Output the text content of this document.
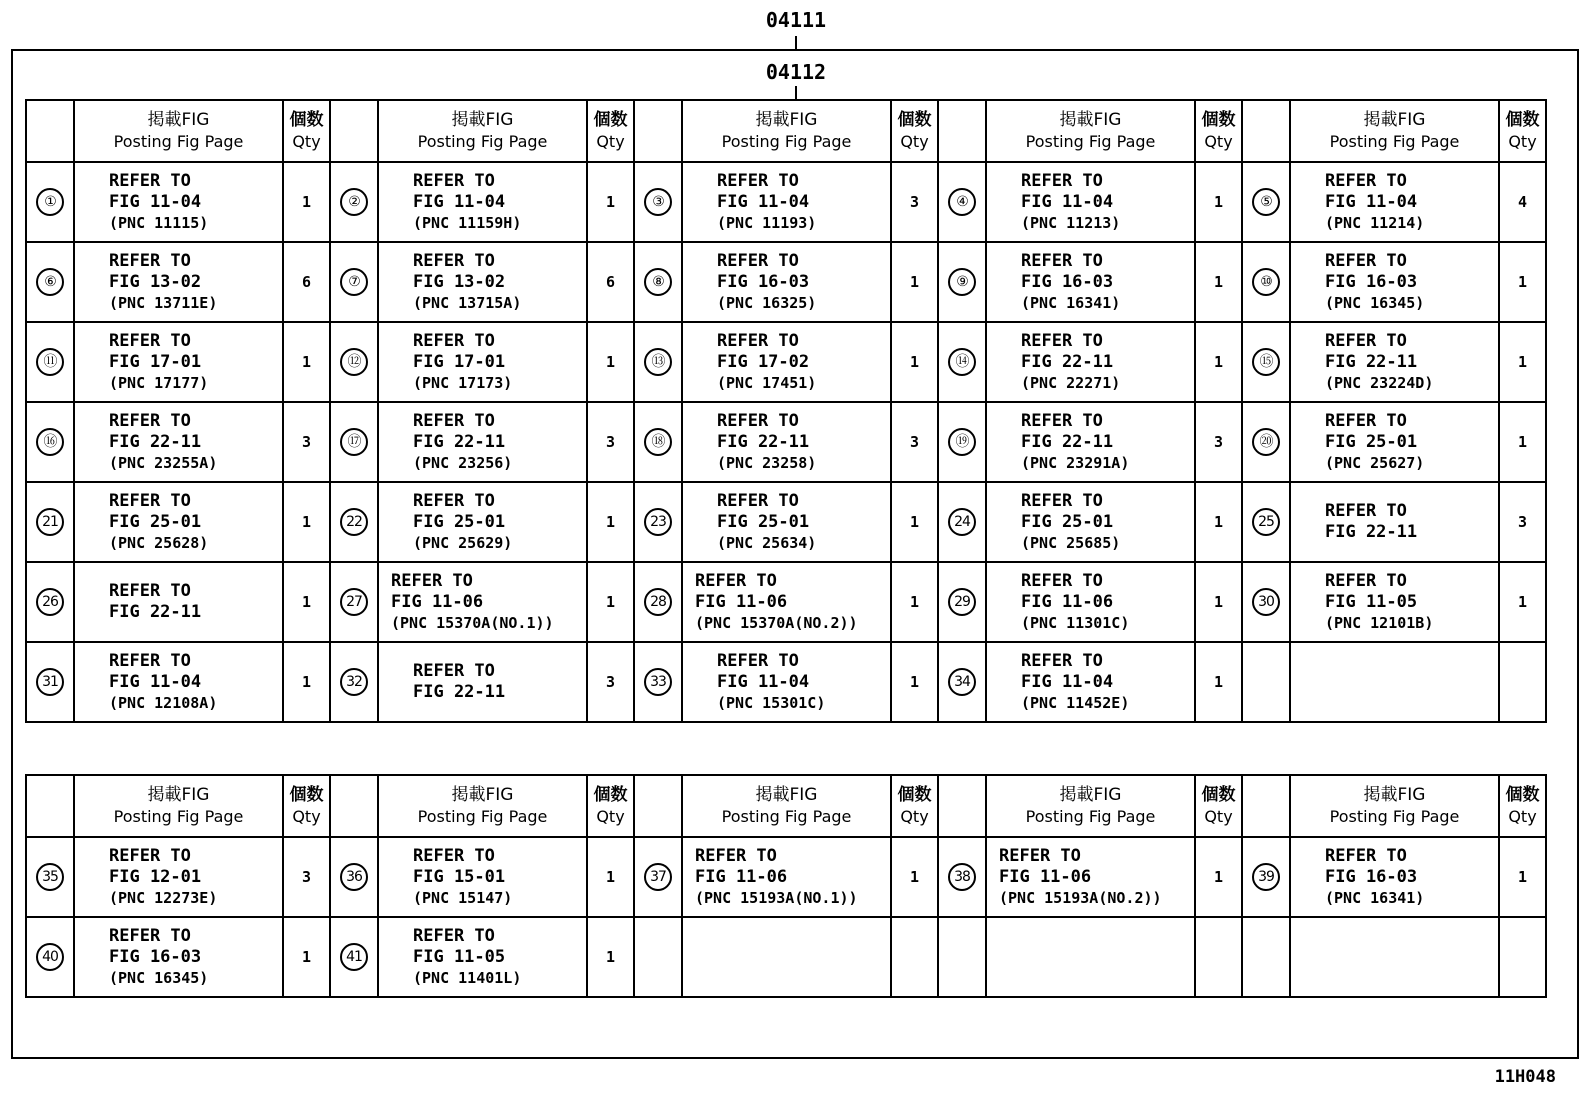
04111
04112

	掲載FIG
Posting Fig Page	個数
Qty		掲載FIG
Posting Fig Page	個数
Qty		掲載FIG
Posting Fig Page	個数
Qty		掲載FIG
Posting Fig Page	個数
Qty		掲載FIG
Posting Fig Page	個数
Qty

①	REFER TO
FIG 11-04
(PNC 11115)	1	②	REFER TO
FIG 11-04
(PNC 11159H)	1	③	REFER TO
FIG 11-04
(PNC 11193)	3	④	REFER TO
FIG 11-04
(PNC 11213)	1	⑤	REFER TO
FIG 11-04
(PNC 11214)	4
⑥	REFER TO
FIG 13-02
(PNC 13711E)	6	⑦	REFER TO
FIG 13-02
(PNC 13715A)	6	⑧	REFER TO
FIG 16-03
(PNC 16325)	1	⑨	REFER TO
FIG 16-03
(PNC 16341)	1	⑩	REFER TO
FIG 16-03
(PNC 16345)	1
⑪	REFER TO
FIG 17-01
(PNC 17177)	1	⑫	REFER TO
FIG 17-01
(PNC 17173)	1	⑬	REFER TO
FIG 17-02
(PNC 17451)	1	⑭	REFER TO
FIG 22-11
(PNC 22271)	1	⑮	REFER TO
FIG 22-11
(PNC 23224D)	1
⑯	REFER TO
FIG 22-11
(PNC 23255A)	3	⑰	REFER TO
FIG 22-11
(PNC 23256)	3	⑱	REFER TO
FIG 22-11
(PNC 23258)	3	⑲	REFER TO
FIG 22-11
(PNC 23291A)	3	⑳	REFER TO
FIG 25-01
(PNC 25627)	1
21	REFER TO
FIG 25-01
(PNC 25628)	1	22	REFER TO
FIG 25-01
(PNC 25629)	1	23	REFER TO
FIG 25-01
(PNC 25634)	1	24	REFER TO
FIG 25-01
(PNC 25685)	1	25	REFER TO
FIG 22-11	3
26	REFER TO
FIG 22-11	1	27	REFER TO
FIG 11-06
(PNC 15370A(NO.1))	1	28	REFER TO
FIG 11-06
(PNC 15370A(NO.2))	1	29	REFER TO
FIG 11-06
(PNC 11301C)	1	30	REFER TO
FIG 11-05
(PNC 12101B)	1
31	REFER TO
FIG 11-04
(PNC 12108A)	1	32	REFER TO
FIG 22-11	3	33	REFER TO
FIG 11-04
(PNC 15301C)	1	34	REFER TO
FIG 11-04
(PNC 11452E)	1			

	掲載FIG
Posting Fig Page	個数
Qty		掲載FIG
Posting Fig Page	個数
Qty		掲載FIG
Posting Fig Page	個数
Qty		掲載FIG
Posting Fig Page	個数
Qty		掲載FIG
Posting Fig Page	個数
Qty

35	REFER TO
FIG 12-01
(PNC 12273E)	3	36	REFER TO
FIG 15-01
(PNC 15147)	1	37	REFER TO
FIG 11-06
(PNC 15193A(NO.1))	1	38	REFER TO
FIG 11-06
(PNC 15193A(NO.2))	1	39	REFER TO
FIG 16-03
(PNC 16341)	1
40	REFER TO
FIG 16-03
(PNC 16345)	1	41	REFER TO
FIG 11-05
(PNC 11401L)	1									
11H048
